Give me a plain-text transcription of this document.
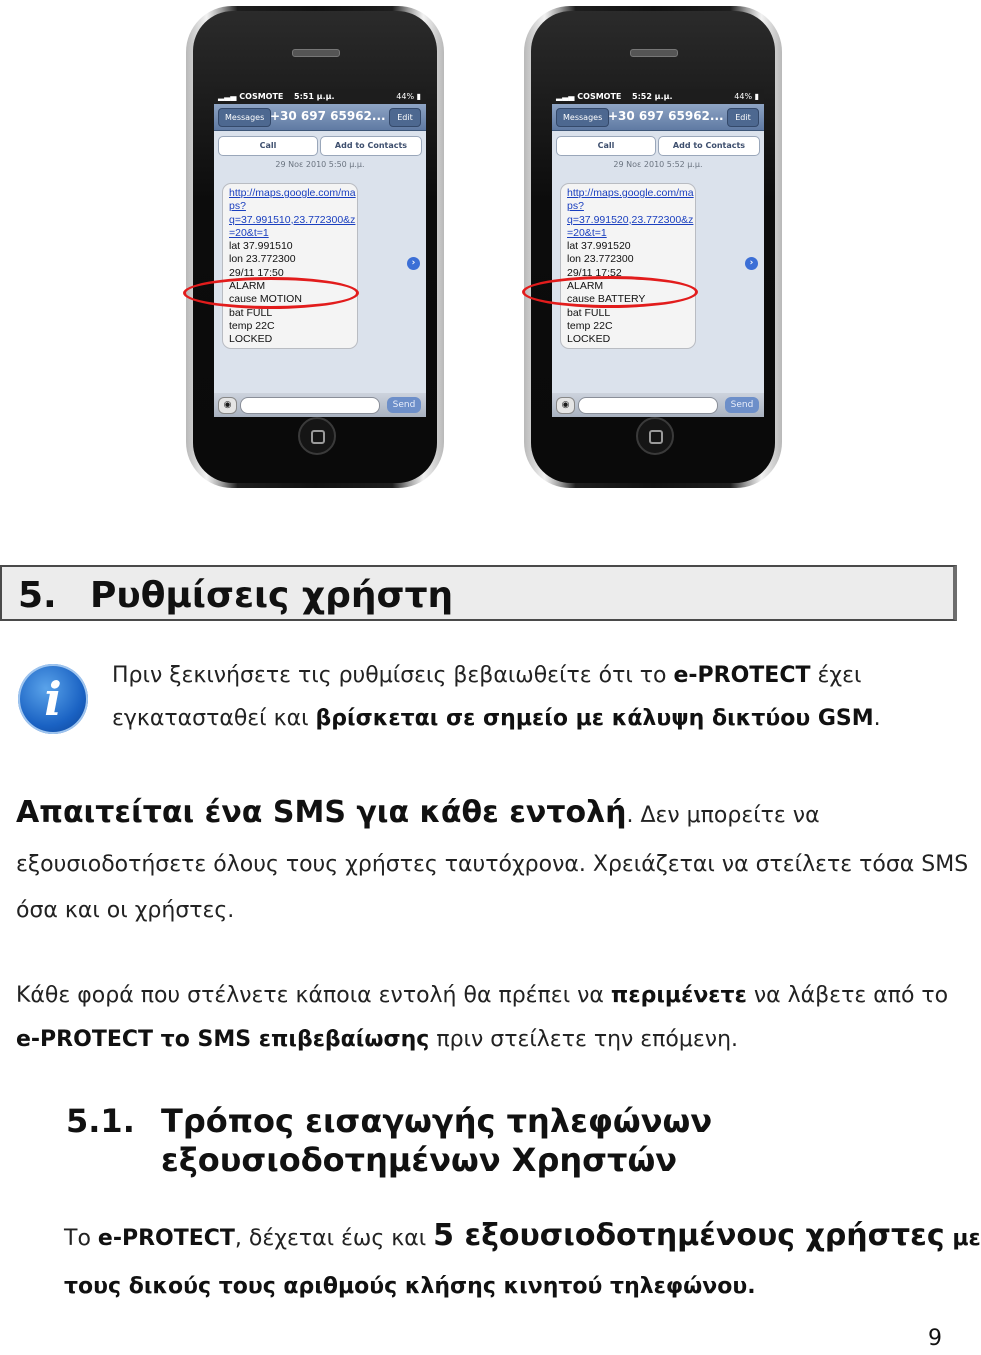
▂▃▄ COSMOTE 5:51 μ.μ.	44% ▮
Messages +30 697 65962...	Edit
Call	Add to Contacts
29 Νοε 2010 5:50 μ.μ.
http://maps.google.com/ma
ps?
q=37.991510,23.772300&z
=20&t=1
lat 37.991510
lon 23.772300
29/11 17:50
ALARM
cause MOTION
bat FULL
temp 22C
LOCKED
›
◉	Send
▂▃▄ COSMOTE 5:52 μ.μ.	44% ▮
Messages +30 697 65962...	Edit
Call	Add to Contacts
29 Νοε 2010 5:52 μ.μ.
http://maps.google.com/ma
ps?
q=37.991520,23.772300&z
=20&t=1
lat 37.991520
lon 23.772300
29/11 17:52
ALARM
cause BATTERY
bat FULL
temp 22C
LOCKED
›
◉	Send
5. Ρυθμίσεις χρήστη
i	Πριν ξεκινήσετε τις ρυθμίσεις βεβαιωθείτε ότι το e-PROTECT έχει
εγκατασταθεί και βρίσκεται σε σημείο με κάλυψη δικτύου GSM.
Απαιτείται ένα SMS για κάθε εντολή. Δεν μπορείτε να
εξουσιοδοτήσετε όλους τους χρήστες ταυτόχρονα. Χρειάζεται να στείλετε τόσα SMS
όσα και οι χρήστες.
Κάθε φορά που στέλνετε κάποια εντολή θα πρέπει να περιμένετε να λάβετε από το
e-PROTECT το SMS επιβεβαίωσης πριν στείλετε την επόμενη.
5.1. Τρόπος εισαγωγής τηλεφώνων
εξουσιοδοτημένων Χρηστών
Το e-PROTECT, δέχεται έως και 5 εξουσιοδοτημένους χρήστες με
τους δικούς τους αριθμούς κλήσης κινητού τηλεφώνου.
9
